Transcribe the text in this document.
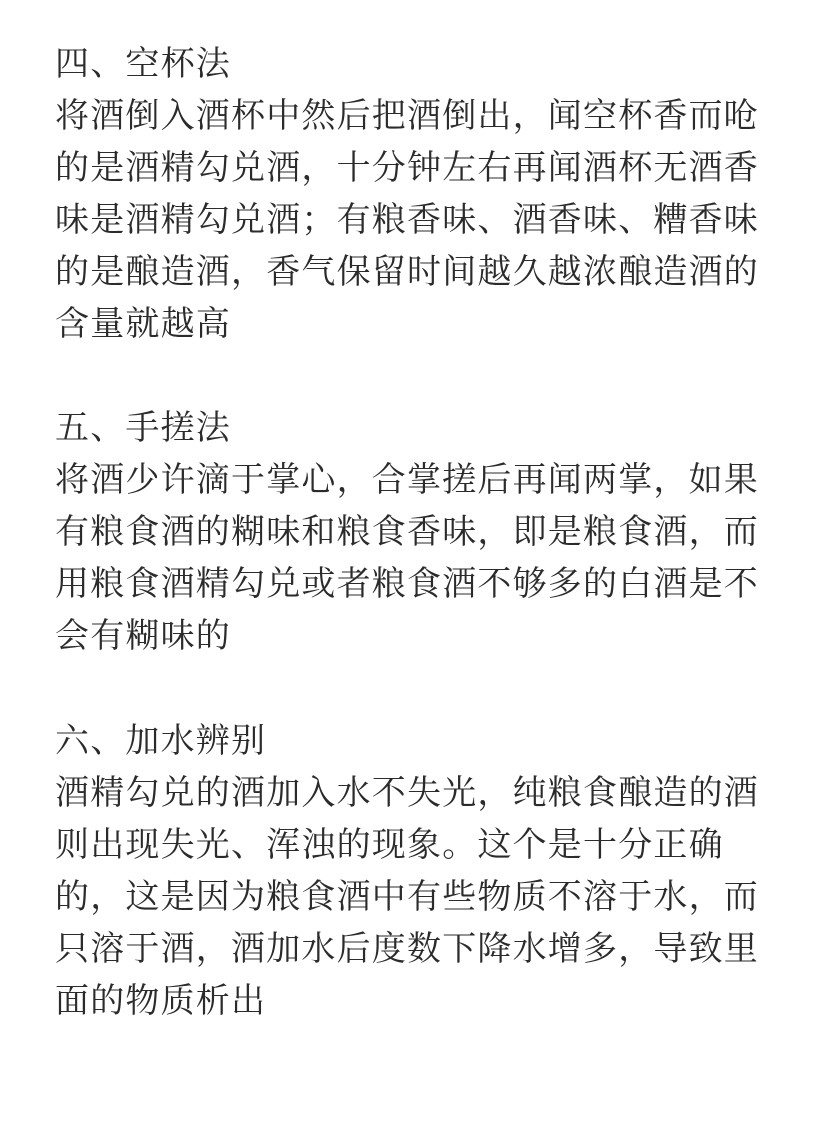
四、空杯法

将酒倒入酒杯中然后把酒倒出，闻空杯香而呛

的是酒精勾兑酒，十分钟左右再闻酒杯无酒香

味是酒精勾兑酒；有粮香味、酒香味、糟香味

的是酿造酒，香气保留时间越久越浓酿造酒的

含量就越高

五、手搓法

将酒少许滴于掌心，合掌搓后再闻两掌，如果

有粮食酒的糊味和粮食香味，即是粮食酒，而

用粮食酒精勾兑或者粮食酒不够多的白酒是不

会有糊味的

六、加水辨别

酒精勾兑的酒加入水不失光，纯粮食酿造的酒

则出现失光、浑浊的现象。这个是十分正确

的，这是因为粮食酒中有些物质不溶于水，而

只溶于酒，酒加水后度数下降水增多，导致里

面的物质析出
